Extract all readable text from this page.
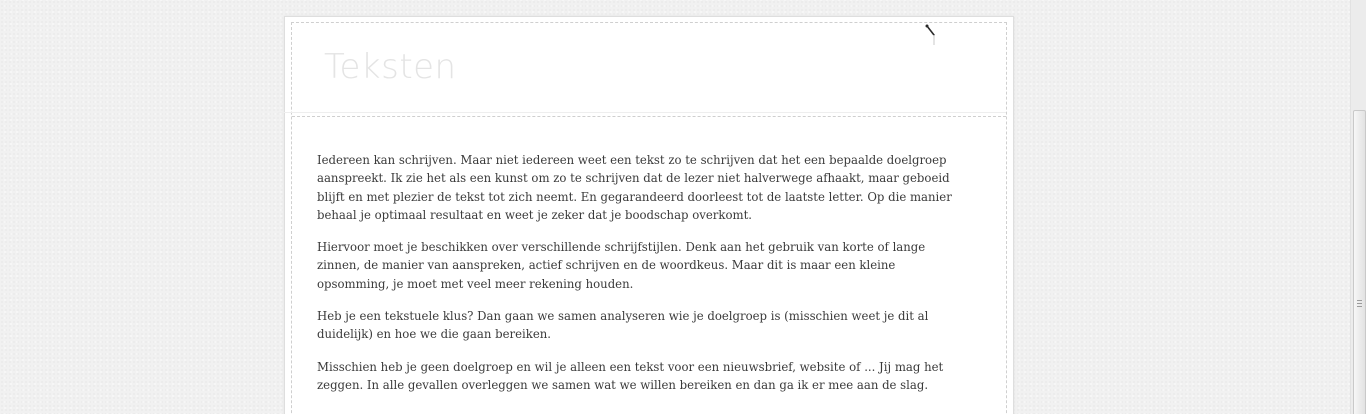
Teksten

Iedereen kan schrijven. Maar niet iedereen weet een tekst zo te schrijven dat het een bepaalde doelgroep aanspreekt. Ik zie het als een kunst om zo te schrijven dat de lezer niet halverwege afhaakt, maar geboeid blijft en met plezier de tekst tot zich neemt. En gegarandeerd doorleest tot de laatste letter. Op die manier behaal je optimaal resultaat en weet je zeker dat je boodschap overkomt.

Hiervoor moet je beschikken over verschillende schrijfstijlen. Denk aan het gebruik van korte of lange zinnen, de manier van aanspreken, actief schrijven en de woordkeus. Maar dit is maar een kleine opsomming, je moet met veel meer rekening houden.

Heb je een tekstuele klus? Dan gaan we samen analyseren wie je doelgroep is (misschien weet je dit al duidelijk) en hoe we die gaan bereiken.

Misschien heb je geen doelgroep en wil je alleen een tekst voor een nieuwsbrief, website of ... Jij mag het zeggen. In alle gevallen overleggen we samen wat we willen bereiken en dan ga ik er mee aan de slag.
